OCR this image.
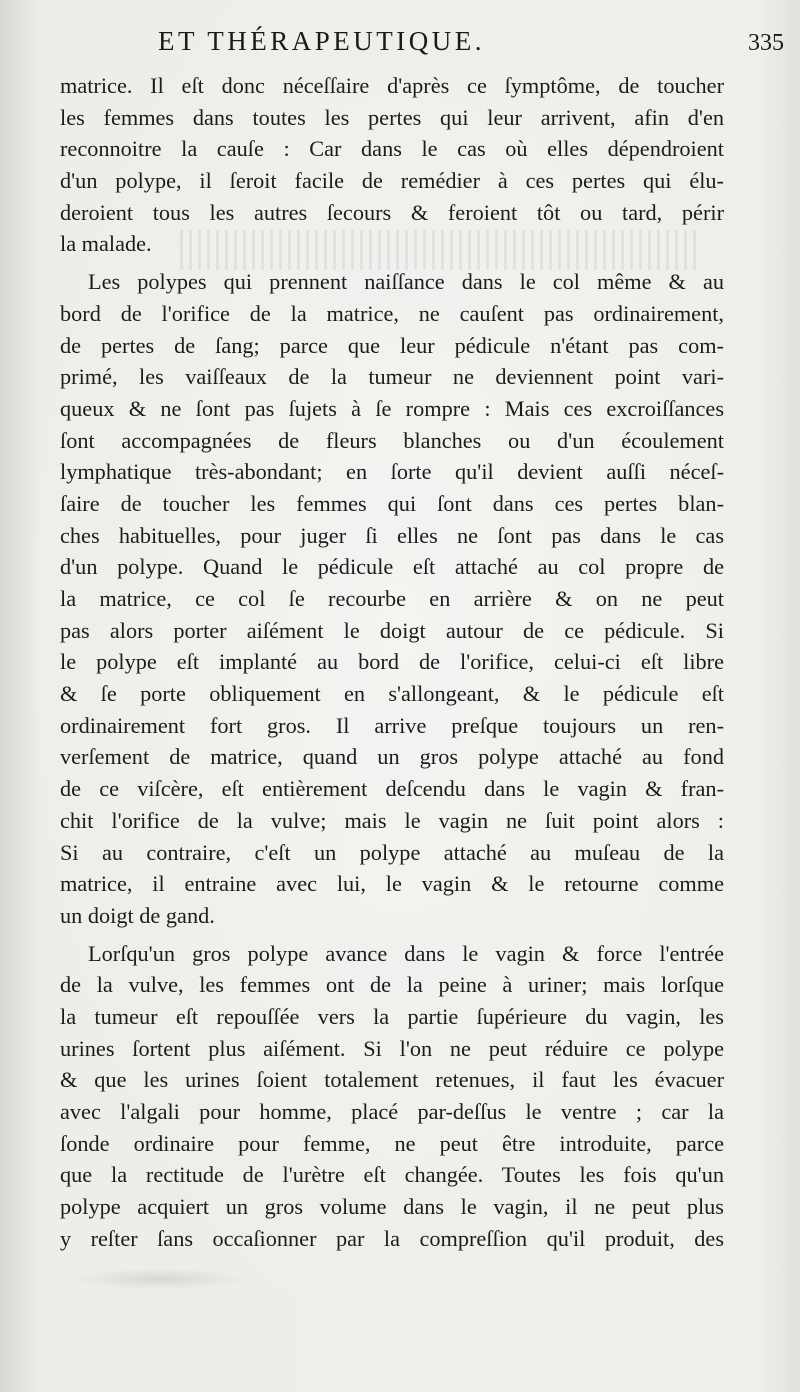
ET THÉRAPEUTIQUE.	335
matrice. Il eſt donc néceſſaire d'après ce ſymptôme, de toucher
les femmes dans toutes les pertes qui leur arrivent, afin d'en
reconnoitre la cauſe : Car dans le cas où elles dépendroient
d'un polype, il ſeroit facile de remédier à ces pertes qui élu-
deroient tous les autres ſecours & feroient tôt ou tard, périr
la malade.
Les polypes qui prennent naiſſance dans le col même & au
bord de l'orifice de la matrice, ne cauſent pas ordinairement,
de pertes de ſang; parce que leur pédicule n'étant pas com-
primé, les vaiſſeaux de la tumeur ne deviennent point vari-
queux & ne ſont pas ſujets à ſe rompre : Mais ces excroiſſances
ſont accompagnées de fleurs blanches ou d'un écoulement
lymphatique très-abondant; en ſorte qu'il devient auſſi néceſ-
ſaire de toucher les femmes qui ſont dans ces pertes blan-
ches habituelles, pour juger ſi elles ne ſont pas dans le cas
d'un polype. Quand le pédicule eſt attaché au col propre de
la matrice, ce col ſe recourbe en arrière & on ne peut
pas alors porter aiſément le doigt autour de ce pédicule. Si
le polype eſt implanté au bord de l'orifice, celui-ci eſt libre
& ſe porte obliquement en s'allongeant, & le pédicule eſt
ordinairement fort gros. Il arrive preſque toujours un ren-
verſement de matrice, quand un gros polype attaché au fond
de ce viſcère, eſt entièrement deſcendu dans le vagin & fran-
chit l'orifice de la vulve; mais le vagin ne ſuit point alors :
Si au contraire, c'eſt un polype attaché au muſeau de la
matrice, il entraine avec lui, le vagin & le retourne comme
un doigt de gand.
Lorſqu'un gros polype avance dans le vagin & force l'entrée
de la vulve, les femmes ont de la peine à uriner; mais lorſque
la tumeur eſt repouſſée vers la partie ſupérieure du vagin, les
urines ſortent plus aiſément. Si l'on ne peut réduire ce polype
& que les urines ſoient totalement retenues, il faut les évacuer
avec l'algali pour homme, placé par-deſſus le ventre ; car la
ſonde ordinaire pour femme, ne peut être introduite, parce
que la rectitude de l'urètre eſt changée. Toutes les fois qu'un
polype acquiert un gros volume dans le vagin, il ne peut plus
y reſter ſans occaſionner par la compreſſion qu'il produit, des
